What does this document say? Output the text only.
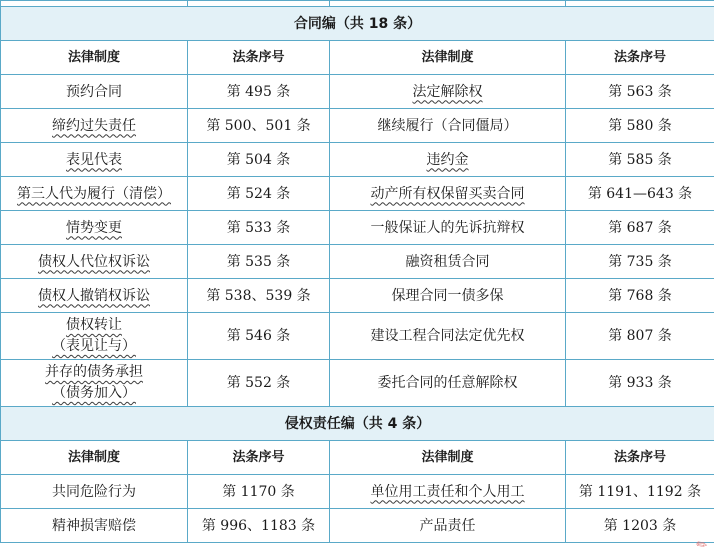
合同编（共 18 条）			
法律制度	法条序号	法律制度	法条序号
预约合同	第 495 条	法定解除权	第 563 条
缔约过失责任	第 500、501 条	继续履行（合同僵局）	第 580 条
表见代表	第 504 条	违约金	第 585 条
第三人代为履行（清偿）	第 524 条	动产所有权保留买卖合同	第 641—643 条
情势变更	第 533 条	一般保证人的先诉抗辩权	第 687 条
债权人代位权诉讼	第 535 条	融资租赁合同	第 735 条
债权人撤销权诉讼	第 538、539 条	保理合同一债多保	第 768 条

债权转让
（表见让与）	第 546 条	建设工程合同法定优先权	第 807 条

并存的债务承担
（债务加入）	第 552 条	委托合同的任意解除权	第 933 条
侵权责任编（共 4 条）			
法律制度	法条序号	法律制度	法条序号
共同危险行为	第 1170 条	单位用工责任和个人用工	第 1191、1192 条
精神损害赔偿	第 996、1183 条	产品责任	第 1203 条
✎
